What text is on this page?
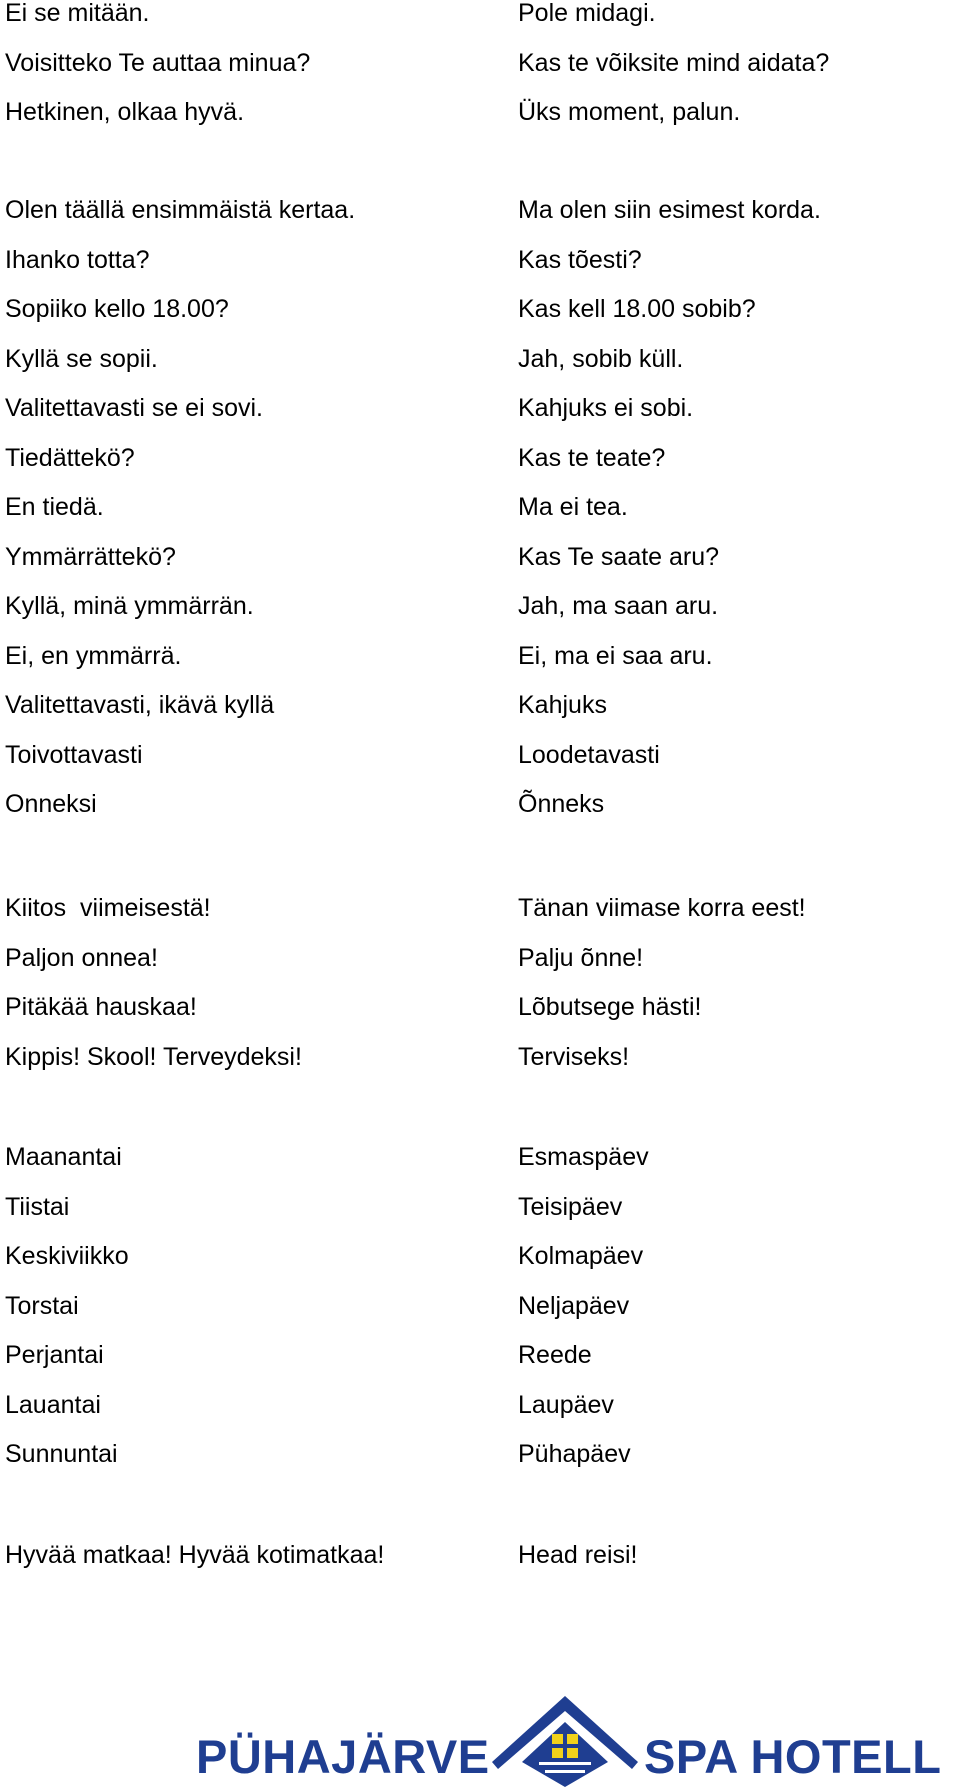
Ei se mitään.	Pole midagi.
Voisitteko Te auttaa minua?	Kas te võiksite mind aidata?
Hetkinen, olkaa hyvä.	Üks moment, palun.
Olen täällä ensimmäistä kertaa.	Ma olen siin esimest korda.
Ihanko totta?	Kas tõesti?
Sopiiko kello 18.00?	Kas kell 18.00 sobib?
Kyllä se sopii.	Jah, sobib küll.
Valitettavasti se ei sovi.	Kahjuks ei sobi.
Tiedättekö?	Kas te teate?
En tiedä.	Ma ei tea.
Ymmärrättekö?	Kas Te saate aru?
Kyllä, minä ymmärrän.	Jah, ma saan aru.
Ei, en ymmärrä.	Ei, ma ei saa aru.
Valitettavasti, ikävä kyllä	Kahjuks
Toivottavasti	Loodetavasti
Onneksi	Õnneks
Kiitos  viimeisestä!	Tänan viimase korra eest!
Paljon onnea!	Palju õnne!
Pitäkää hauskaa!	Lõbutsege hästi!
Kippis! Skool! Terveydeksi!	Terviseks!
Maanantai	Esmaspäev
Tiistai	Teisipäev
Keskiviikko	Kolmapäev
Torstai	Neljapäev
Perjantai	Reede
Lauantai	Laupäev
Sunnuntai	Pühapäev
Hyvää matkaa! Hyvää kotimatkaa!	Head reisi!
PÜHAJÄRVE	SPA HOTELL
